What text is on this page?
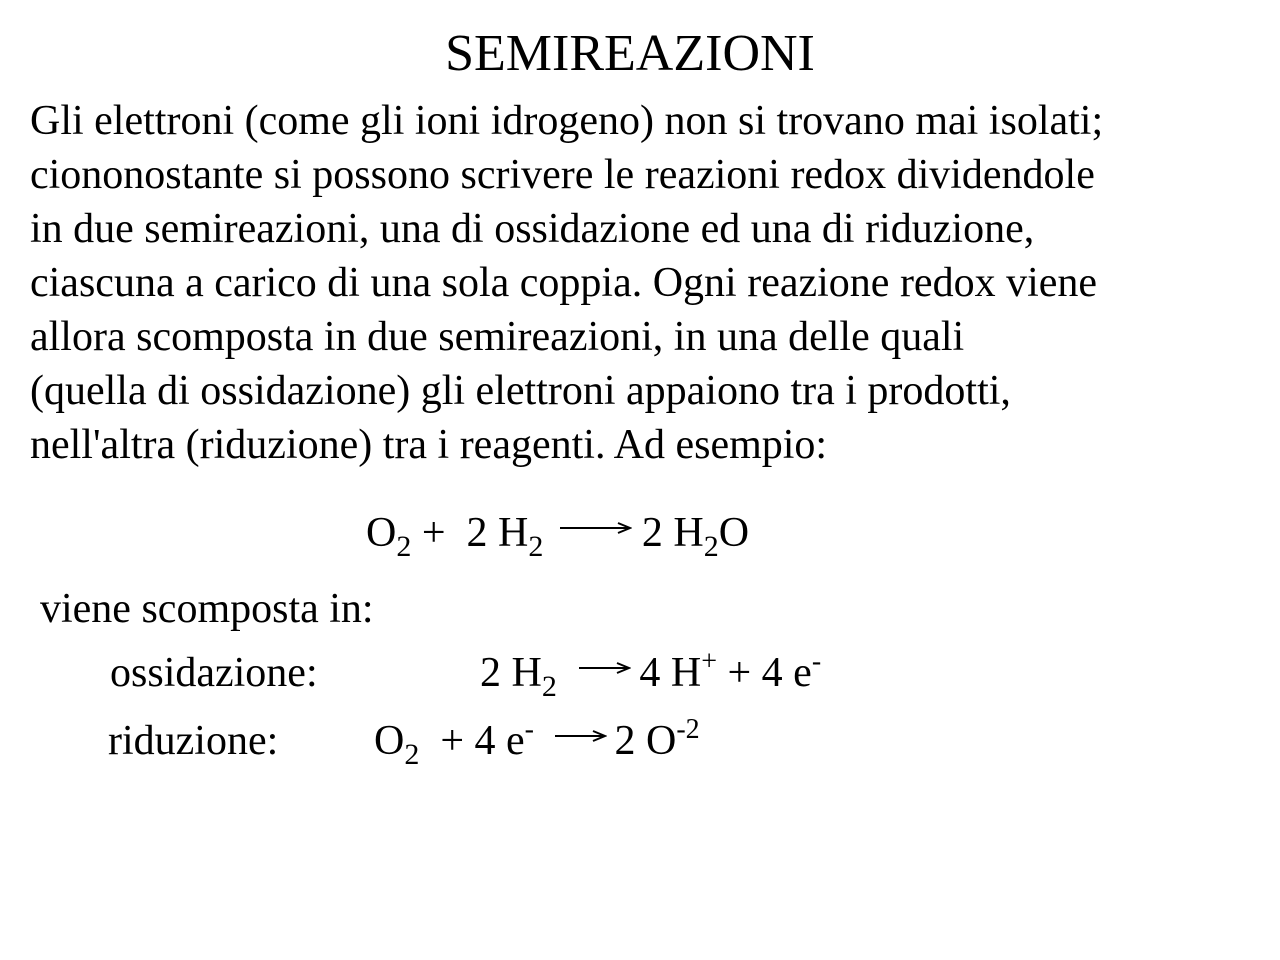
SEMIREAZIONI
Gli elettroni (come gli ioni idrogeno) non si trovano mai isolati;
ciononostante si possono scrivere le reazioni redox dividendole
in due semireazioni, una di ossidazione ed una di riduzione,
ciascuna a carico di una sola coppia. Ogni reazione redox viene
allora scomposta in due semireazioni, in una delle quali
(quella di ossidazione) gli elettroni appaiono tra i prodotti,
nell'altra (riduzione) tra i reagenti. Ad esempio:
$O_2 + 2$ $H_2 \to 2$ $H_2O$
viene scomposta in:
ossidazione:	2 $H_2 \to 4$ H+ + 4 e-
riduzione: $O_2 + 4$ e- → 2 $O^{-2}$
